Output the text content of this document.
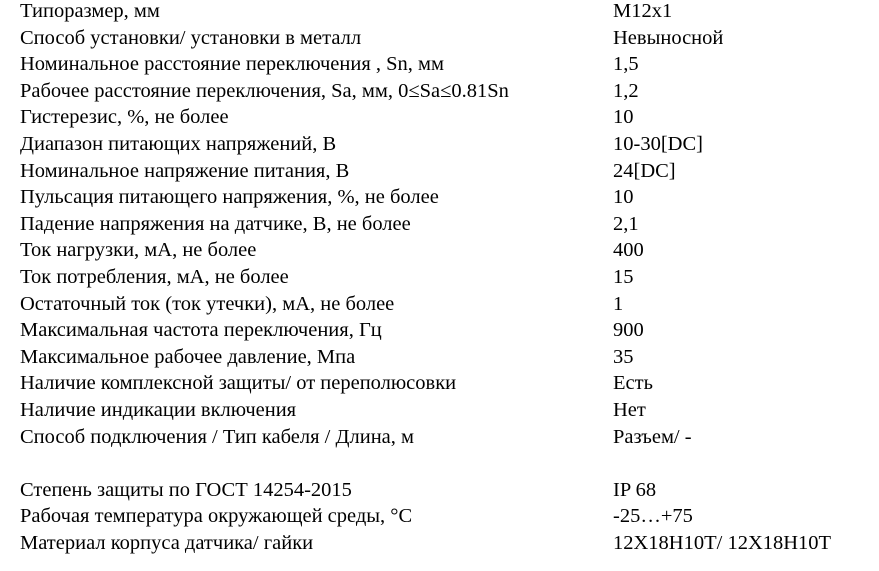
Типоразмер, мм	М12x1
Способ установки/ установки в металл	Невыносной
Номинальное расстояние переключения , Sn, мм	1,5
Рабочее расстояние переключения, Sa, мм, 0≤Sa≤0.81Sn	1,2
Гистерезис, %, не более	10
Диапазон питающих напряжений, В	10-30[DC]
Номинальное напряжение питания, В	24[DC]
Пульсация питающего напряжения, %, не более	10
Падение напряжения на датчике, В, не более	2,1
Ток нагрузки, мА, не более	400
Ток потребления, мА, не более	15
Остаточный ток (ток утечки), мА, не более	1
Максимальная частота переключения, Гц	900
Максимальное рабочее давление, Мпа	35
Наличие комплексной защиты/ от переполюсовки	Есть
Наличие индикации включения	Нет
Способ подключения / Тип кабеля / Длина, м	Разъем/ -
Степень защиты по ГОСТ 14254-2015	IP 68
Рабочая температура окружающей среды, °С	-25…+75
Материал корпуса датчика/ гайки	12Х18Н10Т/ 12Х18Н10Т
